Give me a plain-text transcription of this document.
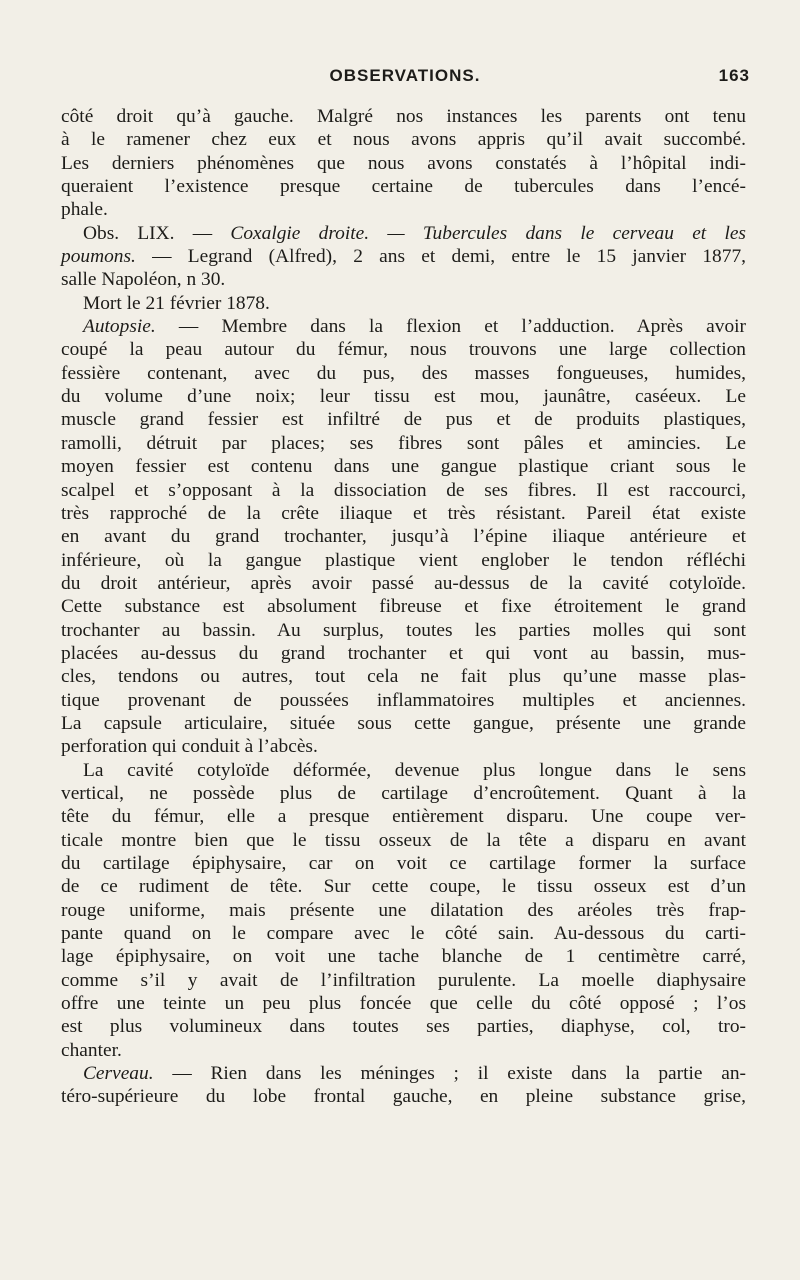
OBSERVATIONS.	163
côté droit qu’à gauche. Malgré nos instances les parents ont tenu
à le ramener chez eux et nous avons appris qu’il avait succombé.
Les derniers phénomènes que nous avons constatés à l’hôpital indi-
queraient l’existence presque certaine de tubercules dans l’encé-
phale.
Obs. LIX. — Coxalgie droite. — Tubercules dans le cerveau et les
poumons. — Legrand (Alfred), 2 ans et demi, entre le 15 janvier 1877,
salle Napoléon, n 30.
Mort le 21 février 1878.
Autopsie. — Membre dans la flexion et l’adduction. Après avoir
coupé la peau autour du fémur, nous trouvons une large collection
fessière contenant, avec du pus, des masses fongueuses, humides,
du volume d’une noix; leur tissu est mou, jaunâtre, caséeux. Le
muscle grand fessier est infiltré de pus et de produits plastiques,
ramolli, détruit par places; ses fibres sont pâles et amincies. Le
moyen fessier est contenu dans une gangue plastique criant sous le
scalpel et s’opposant à la dissociation de ses fibres. Il est raccourci,
très rapproché de la crête iliaque et très résistant. Pareil état existe
en avant du grand trochanter, jusqu’à l’épine iliaque antérieure et
inférieure, où la gangue plastique vient englober le tendon réfléchi
du droit antérieur, après avoir passé au-dessus de la cavité cotyloïde.
Cette substance est absolument fibreuse et fixe étroitement le grand
trochanter au bassin. Au surplus, toutes les parties molles qui sont
placées au-dessus du grand trochanter et qui vont au bassin, mus-
cles, tendons ou autres, tout cela ne fait plus qu’une masse plas-
tique provenant de poussées inflammatoires multiples et anciennes.
La capsule articulaire, située sous cette gangue, présente une grande
perforation qui conduit à l’abcès.
La cavité cotyloïde déformée, devenue plus longue dans le sens
vertical, ne possède plus de cartilage d’encroûtement. Quant à la
tête du fémur, elle a presque entièrement disparu. Une coupe ver-
ticale montre bien que le tissu osseux de la tête a disparu en avant
du cartilage épiphysaire, car on voit ce cartilage former la surface
de ce rudiment de tête. Sur cette coupe, le tissu osseux est d’un
rouge uniforme, mais présente une dilatation des aréoles très frap-
pante quand on le compare avec le côté sain. Au-dessous du carti-
lage épiphysaire, on voit une tache blanche de 1 centimètre carré,
comme s’il y avait de l’infiltration purulente. La moelle diaphysaire
offre une teinte un peu plus foncée que celle du côté opposé ; l’os
est plus volumineux dans toutes ses parties, diaphyse, col, tro-
chanter.
Cerveau. — Rien dans les méninges ; il existe dans la partie an-
téro-supérieure du lobe frontal gauche, en pleine substance grise,
